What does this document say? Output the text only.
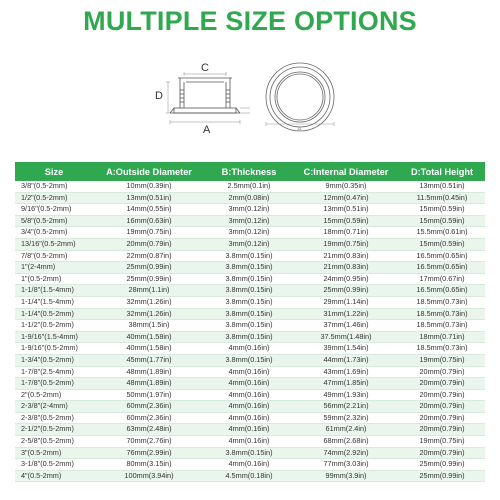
MULTIPLE SIZE OPTIONS
C
D
A	A
Size	A:Outside Diameter	B:Thickness	C:Internal Diameter	D:Total Height
3/8"(0.5-2mm)	10mm(0.39in)	2.5mm(0.1in)	9mm(0.35in)	13mm(0.51in)
1/2"(0.5-2mm)	13mm(0.51in)	2mm(0.08in)	12mm(0.47in)	11.5mm(0.45in)
9/16"(0.5-2mm)	14mm(0.55in)	3mm(0.12in)	13mm(0.51in)	15mm(0.59in)
5/8"(0.5-2mm)	16mm(0.63in)	3mm(0.12in)	15mm(0.59in)	15mm(0.59in)
3/4"(0.5-2mm)	19mm(0.75in)	3mm(0.12in)	18mm(0.71in)	15.5mm(0.61in)
13/16"(0.5-2mm)	20mm(0.79in)	3mm(0.12in)	19mm(0.75in)	15mm(0.59in)
7/8"(0.5-2mm)	22mm(0.87in)	3.8mm(0.15in)	21mm(0.83in)	16.5mm(0.65in)
1"(2-4mm)	25mm(0.99in)	3.8mm(0.15in)	21mm(0.83in)	16.5mm(0.65in)
1"(0.5-2mm)	25mm(0.99in)	3.8mm(0.15in)	24mm(0.95in)	17mm(0.67in)
1-1/8"(1.5-4mm)	28mm(1.1in)	3.8mm(0.15in)	25mm(0.99in)	16.5mm(0.65in)
1-1/4"(1.5-4mm)	32mm(1.26in)	3.8mm(0.15in)	29mm(1.14in)	18.5mm(0.73in)
1-1/4"(0.5-2mm)	32mm(1.26in)	3.8mm(0.15in)	31mm(1.22in)	18.5mm(0.73in)
1-1/2"(0.5-2mm)	38mm(1.5in)	3.8mm(0.15in)	37mm(1.46in)	18.5mm(0.73in)
1-9/16"(1.5-4mm)	40mm(1.58in)	3.8mm(0.15in)	37.5mm(1.48in)	18mm(0.71in)
1-9/16"(0.5-2mm)	40mm(1.58in)	4mm(0.16in)	39mm(1.54in)	18.5mm(0.73in)
1-3/4"(0.5-2mm)	45mm(1.77in)	3.8mm(0.15in)	44mm(1.73in)	19mm(0.75in)
1-7/8"(2.5-4mm)	48mm(1.89in)	4mm(0.16in)	43mm(1.69in)	20mm(0.79in)
1-7/8"(0.5-2mm)	48mm(1.89in)	4mm(0.16in)	47mm(1.85in)	20mm(0.79in)
2"(0.5-2mm)	50mm(1.97in)	4mm(0.16in)	49mm(1.93in)	20mm(0.79in)
2-3/8"(2-4mm)	60mm(2.36in)	4mm(0.16in)	56mm(2.21in)	20mm(0.79in)
2-3/8"(0.5-2mm)	60mm(2.36in)	4mm(0.16in)	59mm(2.32in)	20mm(0.79in)
2-1/2"(0.5-2mm)	63mm(2.48in)	4mm(0.16in)	61mm(2.4in)	20mm(0.79in)
2-5/8"(0.5-2mm)	70mm(2.76in)	4mm(0.16in)	68mm(2.68in)	19mm(0.75in)
3"(0.5-2mm)	76mm(2.99in)	3.8mm(0.15in)	74mm(2.92in)	20mm(0.79in)
3-1/8"(0.5-2mm)	80mm(3.15in)	4mm(0.16in)	77mm(3.03in)	25mm(0.99in)
4"(0.5-2mm)	100mm(3.94in)	4.5mm(0.18in)	99mm(3.9in)	25mm(0.99in)
